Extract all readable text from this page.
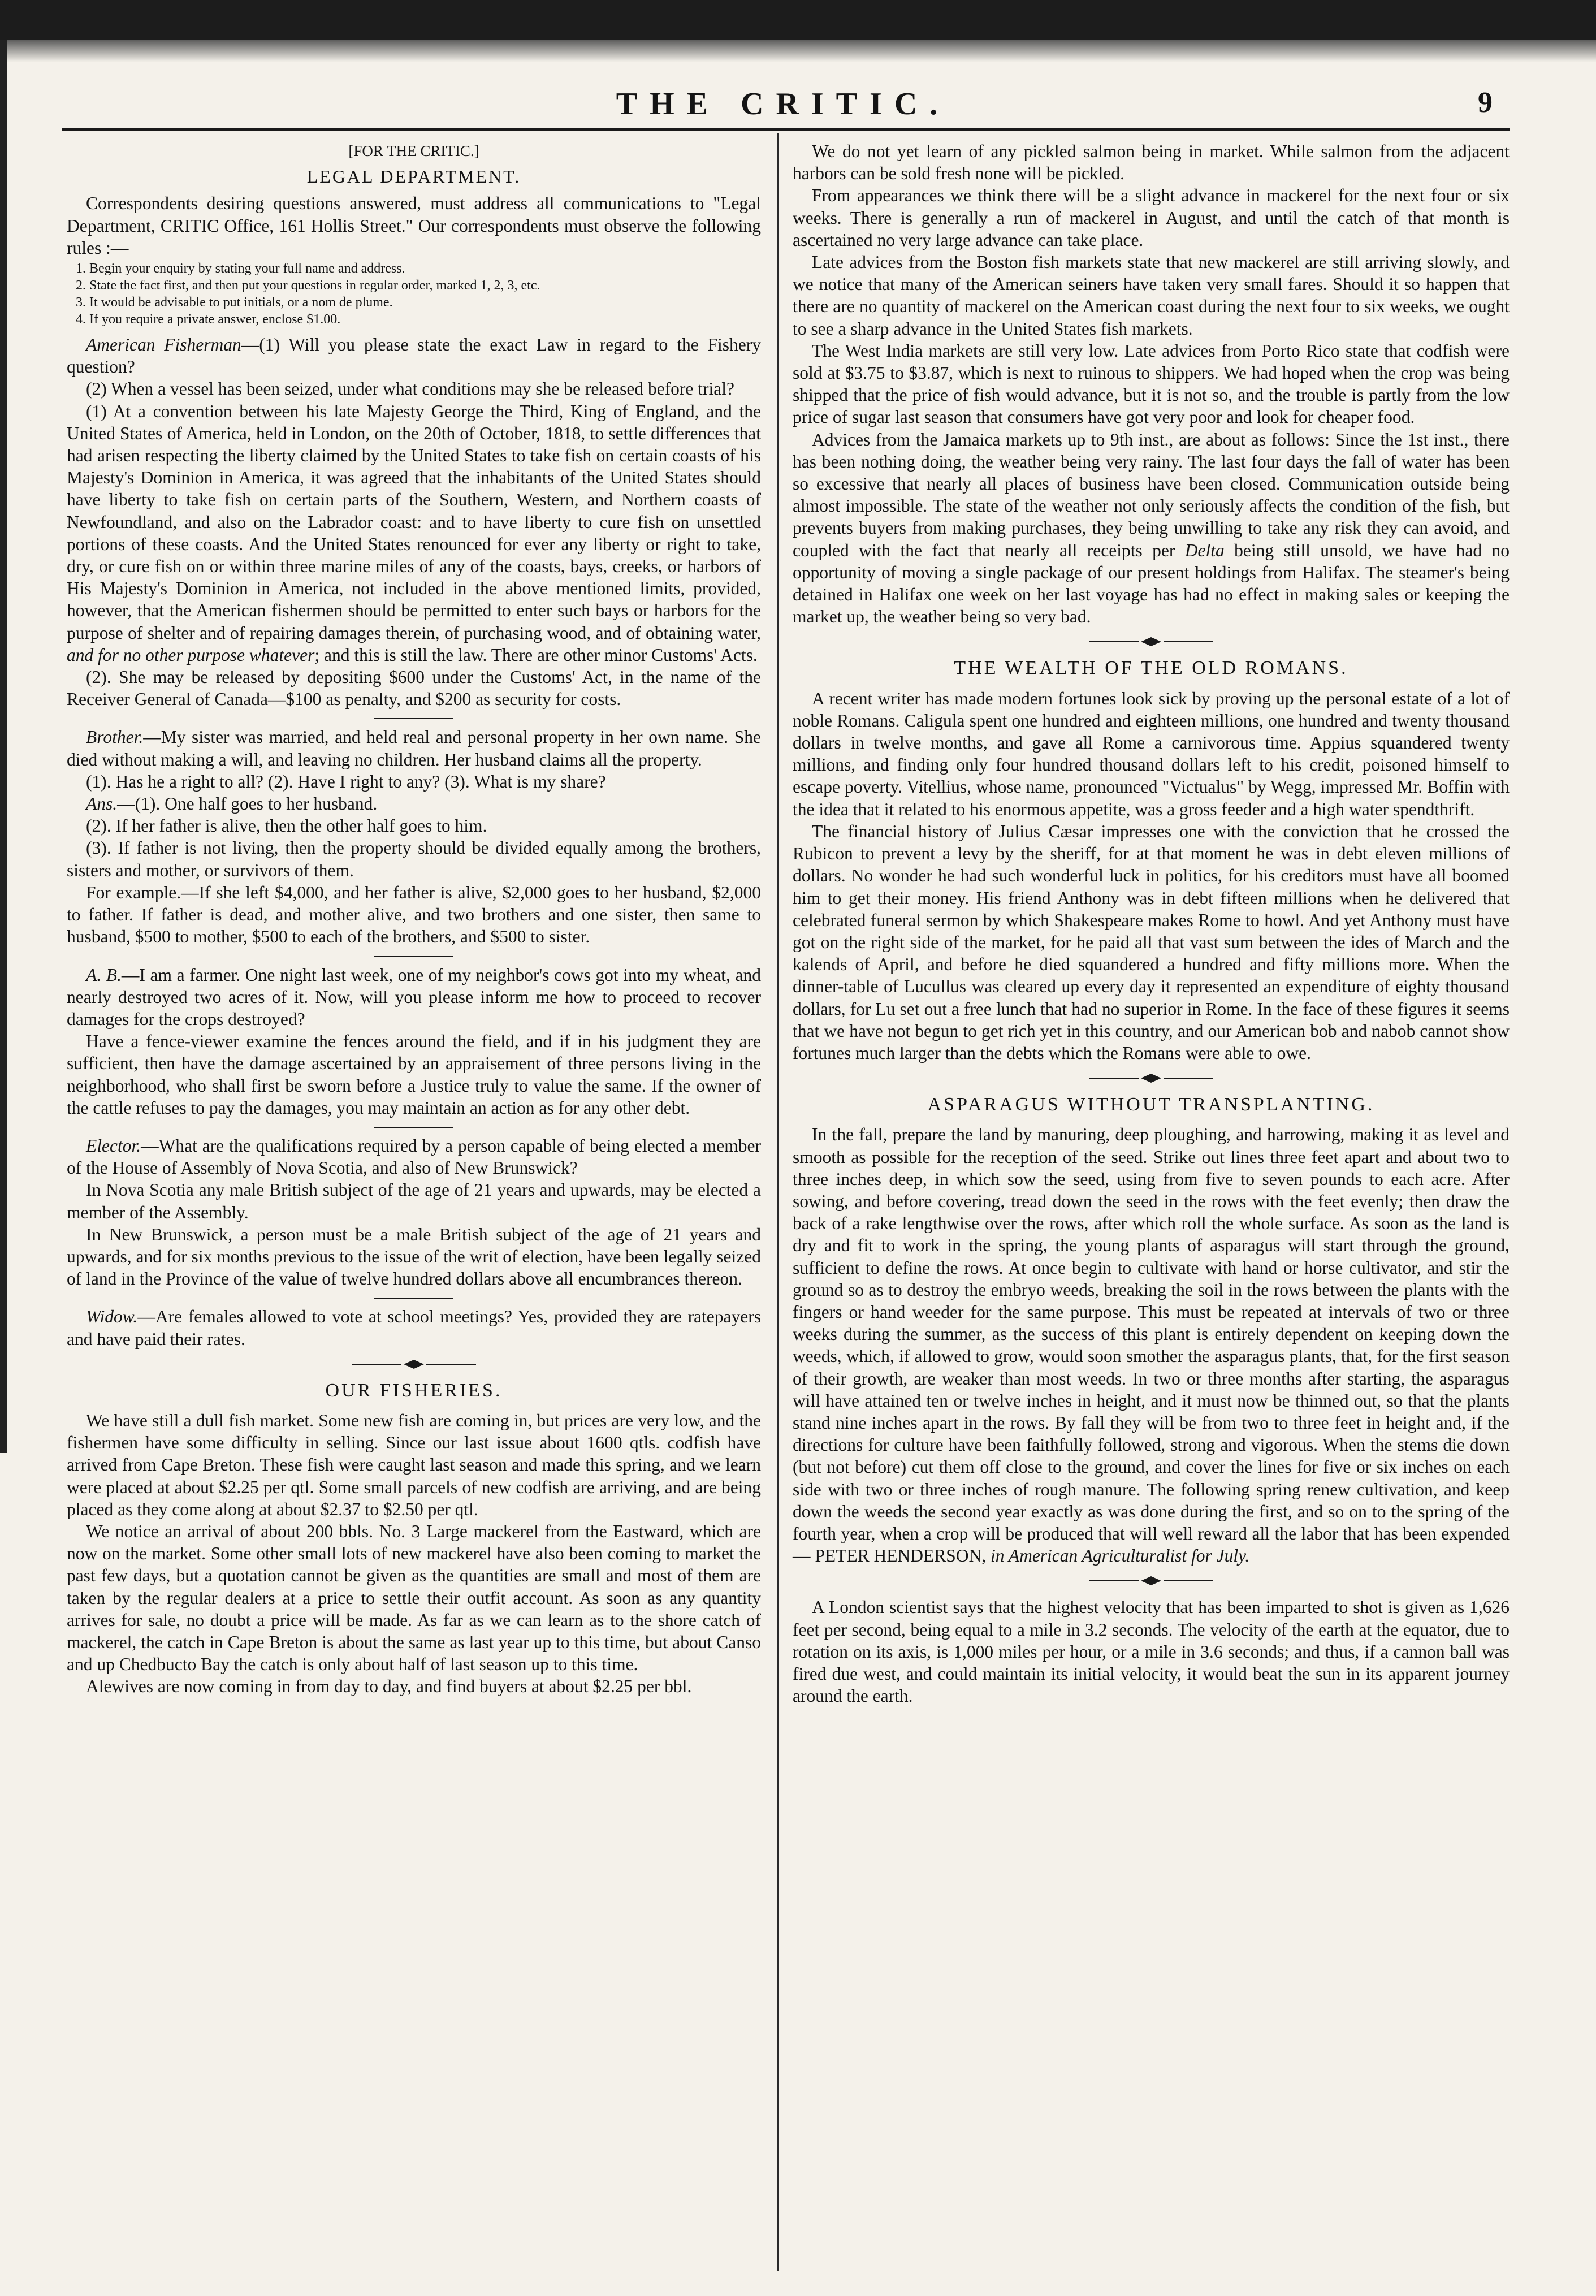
THE CRITIC.	9
[FOR THE CRITIC.]
LEGAL DEPARTMENT.

Correspondents desiring questions answered, must address all communications to "Legal Department, CRITIC Office, 161 Hollis Street." Our correspondents must observe the following rules :—

1. Begin your enquiry by stating your full name and address.
2. State the fact first, and then put your questions in regular order, marked 1, 2, 3, etc.
3. It would be advisable to put initials, or a nom de plume.
4. If you require a private answer, enclose $1.00.

American Fisherman—(1) Will you please state the exact Law in regard to the Fishery question?

(2) When a vessel has been seized, under what conditions may she be released before trial?

(1) At a convention between his late Majesty George the Third, King of England, and the United States of America, held in London, on the 20th of October, 1818, to settle differences that had arisen respecting the liberty claimed by the United States to take fish on certain coasts of his Majesty's Dominion in America, it was agreed that the inhabitants of the United States should have liberty to take fish on certain parts of the Southern, Western, and Northern coasts of Newfoundland, and also on the Labrador coast: and to have liberty to cure fish on unsettled portions of these coasts. And the United States renounced for ever any liberty or right to take, dry, or cure fish on or within three marine miles of any of the coasts, bays, creeks, or harbors of His Majesty's Dominion in America, not included in the above mentioned limits, provided, however, that the American fishermen should be permitted to enter such bays or harbors for the purpose of shelter and of repairing damages therein, of purchasing wood, and of obtaining water, and for no other purpose whatever; and this is still the law. There are other minor Customs' Acts.

(2). She may be released by depositing $600 under the Customs' Act, in the name of the Receiver General of Canada—$100 as penalty, and $200 as security for costs.

Brother.—My sister was married, and held real and personal property in her own name. She died without making a will, and leaving no children. Her husband claims all the property.

(1). Has he a right to all? (2). Have I right to any? (3). What is my share?

Ans.—(1). One half goes to her husband.

(2). If her father is alive, then the other half goes to him.

(3). If father is not living, then the property should be divided equally among the brothers, sisters and mother, or survivors of them.

For example.—If she left $4,000, and her father is alive, $2,000 goes to her husband, $2,000 to father. If father is dead, and mother alive, and two brothers and one sister, then same to husband, $500 to mother, $500 to each of the brothers, and $500 to sister.

A. B.—I am a farmer. One night last week, one of my neighbor's cows got into my wheat, and nearly destroyed two acres of it. Now, will you please inform me how to proceed to recover damages for the crops destroyed?

Have a fence-viewer examine the fences around the field, and if in his judgment they are sufficient, then have the damage ascertained by an appraisement of three persons living in the neighborhood, who shall first be sworn before a Justice truly to value the same. If the owner of the cattle refuses to pay the damages, you may maintain an action as for any other debt.

Elector.—What are the qualifications required by a person capable of being elected a member of the House of Assembly of Nova Scotia, and also of New Brunswick?

In Nova Scotia any male British subject of the age of 21 years and upwards, may be elected a member of the Assembly.

In New Brunswick, a person must be a male British subject of the age of 21 years and upwards, and for six months previous to the issue of the writ of election, have been legally seized of land in the Province of the value of twelve hundred dollars above all encumbrances thereon.

Widow.—Are females allowed to vote at school meetings? Yes, provided they are ratepayers and have paid their rates.

OUR FISHERIES.

We have still a dull fish market. Some new fish are coming in, but prices are very low, and the fishermen have some difficulty in selling. Since our last issue about 1600 qtls. codfish have arrived from Cape Breton. These fish were caught last season and made this spring, and we learn were placed at about $2.25 per qtl. Some small parcels of new codfish are arriving, and are being placed as they come along at about $2.37 to $2.50 per qtl.

We notice an arrival of about 200 bbls. No. 3 Large mackerel from the Eastward, which are now on the market. Some other small lots of new mackerel have also been coming to market the past few days, but a quotation cannot be given as the quantities are small and most of them are taken by the regular dealers at a price to settle their outfit account. As soon as any quantity arrives for sale, no doubt a price will be made. As far as we can learn as to the shore catch of mackerel, the catch in Cape Breton is about the same as last year up to this time, but about Canso and up Chedbucto Bay the catch is only about half of last season up to this time.

Alewives are now coming in from day to day, and find buyers at about $2.25 per bbl.

We do not yet learn of any pickled salmon being in market. While salmon from the adjacent harbors can be sold fresh none will be pickled.

From appearances we think there will be a slight advance in mackerel for the next four or six weeks. There is generally a run of mackerel in August, and until the catch of that month is ascertained no very large advance can take place.

Late advices from the Boston fish markets state that new mackerel are still arriving slowly, and we notice that many of the American seiners have taken very small fares. Should it so happen that there are no quantity of mackerel on the American coast during the next four to six weeks, we ought to see a sharp advance in the United States fish markets.

The West India markets are still very low. Late advices from Porto Rico state that codfish were sold at $3.75 to $3.87, which is next to ruinous to shippers. We had hoped when the crop was being shipped that the price of fish would advance, but it is not so, and the trouble is partly from the low price of sugar last season that consumers have got very poor and look for cheaper food.

Advices from the Jamaica markets up to 9th inst., are about as follows: Since the 1st inst., there has been nothing doing, the weather being very rainy. The last four days the fall of water has been so excessive that nearly all places of business have been closed. Communication outside being almost impossible. The state of the weather not only seriously affects the condition of the fish, but prevents buyers from making purchases, they being unwilling to take any risk they can avoid, and coupled with the fact that nearly all receipts per Delta being still unsold, we have had no opportunity of moving a single package of our present holdings from Halifax. The steamer's being detained in Halifax one week on her last voyage has had no effect in making sales or keeping the market up, the weather being so very bad.

THE WEALTH OF THE OLD ROMANS.

A recent writer has made modern fortunes look sick by proving up the personal estate of a lot of noble Romans. Caligula spent one hundred and eighteen millions, one hundred and twenty thousand dollars in twelve months, and gave all Rome a carnivorous time. Appius squandered twenty millions, and finding only four hundred thousand dollars left to his credit, poisoned himself to escape poverty. Vitellius, whose name, pronounced "Victualus" by Wegg, impressed Mr. Boffin with the idea that it related to his enormous appetite, was a gross feeder and a high water spendthrift.

The financial history of Julius Cæsar impresses one with the conviction that he crossed the Rubicon to prevent a levy by the sheriff, for at that moment he was in debt eleven millions of dollars. No wonder he had such wonderful luck in politics, for his creditors must have all boomed him to get their money. His friend Anthony was in debt fifteen millions when he delivered that celebrated funeral sermon by which Shakespeare makes Rome to howl. And yet Anthony must have got on the right side of the market, for he paid all that vast sum between the ides of March and the kalends of April, and before he died squandered a hundred and fifty millions more. When the dinner-table of Lucullus was cleared up every day it represented an expenditure of eighty thousand dollars, for Lu set out a free lunch that had no superior in Rome. In the face of these figures it seems that we have not begun to get rich yet in this country, and our American bob and nabob cannot show fortunes much larger than the debts which the Romans were able to owe.

ASPARAGUS WITHOUT TRANSPLANTING.

In the fall, prepare the land by manuring, deep ploughing, and harrowing, making it as level and smooth as possible for the reception of the seed. Strike out lines three feet apart and about two to three inches deep, in which sow the seed, using from five to seven pounds to each acre. After sowing, and before covering, tread down the seed in the rows with the feet evenly; then draw the back of a rake lengthwise over the rows, after which roll the whole surface. As soon as the land is dry and fit to work in the spring, the young plants of asparagus will start through the ground, sufficient to define the rows. At once begin to cultivate with hand or horse cultivator, and stir the ground so as to destroy the embryo weeds, breaking the soil in the rows between the plants with the fingers or hand weeder for the same purpose. This must be repeated at intervals of two or three weeks during the summer, as the success of this plant is entirely dependent on keeping down the weeds, which, if allowed to grow, would soon smother the asparagus plants, that, for the first season of their growth, are weaker than most weeds. In two or three months after starting, the asparagus will have attained ten or twelve inches in height, and it must now be thinned out, so that the plants stand nine inches apart in the rows. By fall they will be from two to three feet in height and, if the directions for culture have been faithfully followed, strong and vigorous. When the stems die down (but not before) cut them off close to the ground, and cover the lines for five or six inches on each side with two or three inches of rough manure. The following spring renew cultivation, and keep down the weeds the second year exactly as was done during the first, and so on to the spring of the fourth year, when a crop will be produced that will well reward all the labor that has been expended — PETER HENDERSON, in American Agriculturalist for July.

A London scientist says that the highest velocity that has been imparted to shot is given as 1,626 feet per second, being equal to a mile in 3.2 seconds. The velocity of the earth at the equator, due to rotation on its axis, is 1,000 miles per hour, or a mile in 3.6 seconds; and thus, if a cannon ball was fired due west, and could maintain its initial velocity, it would beat the sun in its apparent journey around the earth.
